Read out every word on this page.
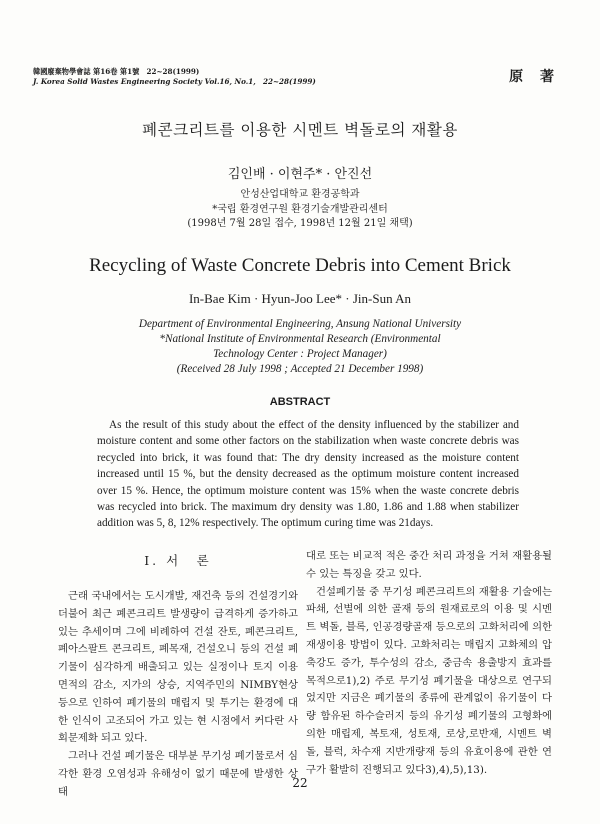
韓國廢棄物學會誌 第16卷 第1號　22~28(1999)
J. Korea Solid Wastes Engineering Society Vol.16, No.1,　22~28(1999)	原 著
폐콘크리트를 이용한 시멘트 벽돌로의 재활용
김인배 · 이현주* · 안진선
안성산업대학교 환경공학과
*국립 환경연구원 환경기술개발관리센터
(1998년 7월 28일 접수, 1998년 12월 21일 채택)
Recycling of Waste Concrete Debris into Cement Brick
In-Bae Kim · Hyun-Joo Lee* · Jin-Sun An
Department of Environmental Engineering, Ansung National University
*National Institute of Environmental Research (Environmental
Technology Center : Project Manager)
(Received 28 July 1998 ; Accepted 21 December 1998)
ABSTRACT

As the result of this study about the effect of the density influenced by the stabilizer and moisture content and some other factors on the stabilization when waste concrete debris was recycled into brick, it was found that: The dry density increased as the moisture content increased until 15 %, but the density decreased as the optimum moisture content increased over 15 %. Hence, the optimum moisture content was 15% when the waste concrete debris was recycled into brick. The maximum dry density was 1.80, 1.86 and 1.88 when stabilizer addition was 5, 8, 12% respectively. The optimum curing time was 21days.

Ⅰ. 서　론

근래 국내에서는 도시개발, 재건축 등의 건설경기와 더불어 최근 폐콘크리트 발생량이 급격하게 증가하고 있는 추세이며 그에 비례하여 건설 잔토, 폐콘크리트, 폐아스팔트 콘크리트, 폐목재, 건설오니 등의 건설 폐기물이 심각하게 배출되고 있는 실정이나 토지 이용 면적의 감소, 지가의 상승, 지역주민의 NIMBY현상 등으로 인하여 폐기물의 매립지 및 투기는 환경에 대한 인식이 고조되어 가고 있는 현 시점에서 커다란 사회문제화 되고 있다.

그러나 건설 폐기물은 대부분 무기성 폐기물로서 심각한 환경 오염성과 유해성이 없기 때문에 발생한 상태

대로 또는 비교적 적은 중간 처리 과정을 거쳐 재활용될 수 있는 특징을 갖고 있다.

건설폐기물 중 무기성 폐콘크리트의 재활용 기술에는 파쇄, 선별에 의한 골재 등의 원재료로의 이용 및 시멘트 벽돌, 블록, 인공경량골재 등으로의 고화처리에 의한 재생이용 방법이 있다. 고화처리는 매립지 고화체의 압축강도 증가, 투수성의 감소, 중금속 용출방지 효과를 목적으로1),2) 주로 무기성 폐기물을 대상으로 연구되었지만 지금은 폐기물의 종류에 관계없이 유기물이 다량 함유된 하수슬러지 등의 유기성 폐기물의 고형화에 의한 매립제, 복토재, 성토재, 로상,로반재, 시멘트 벽돌, 블럭, 차수재 지반개량재 등의 유효이용에 관한 연구가 활발히 진행되고 있다3),4),5),13).

22
